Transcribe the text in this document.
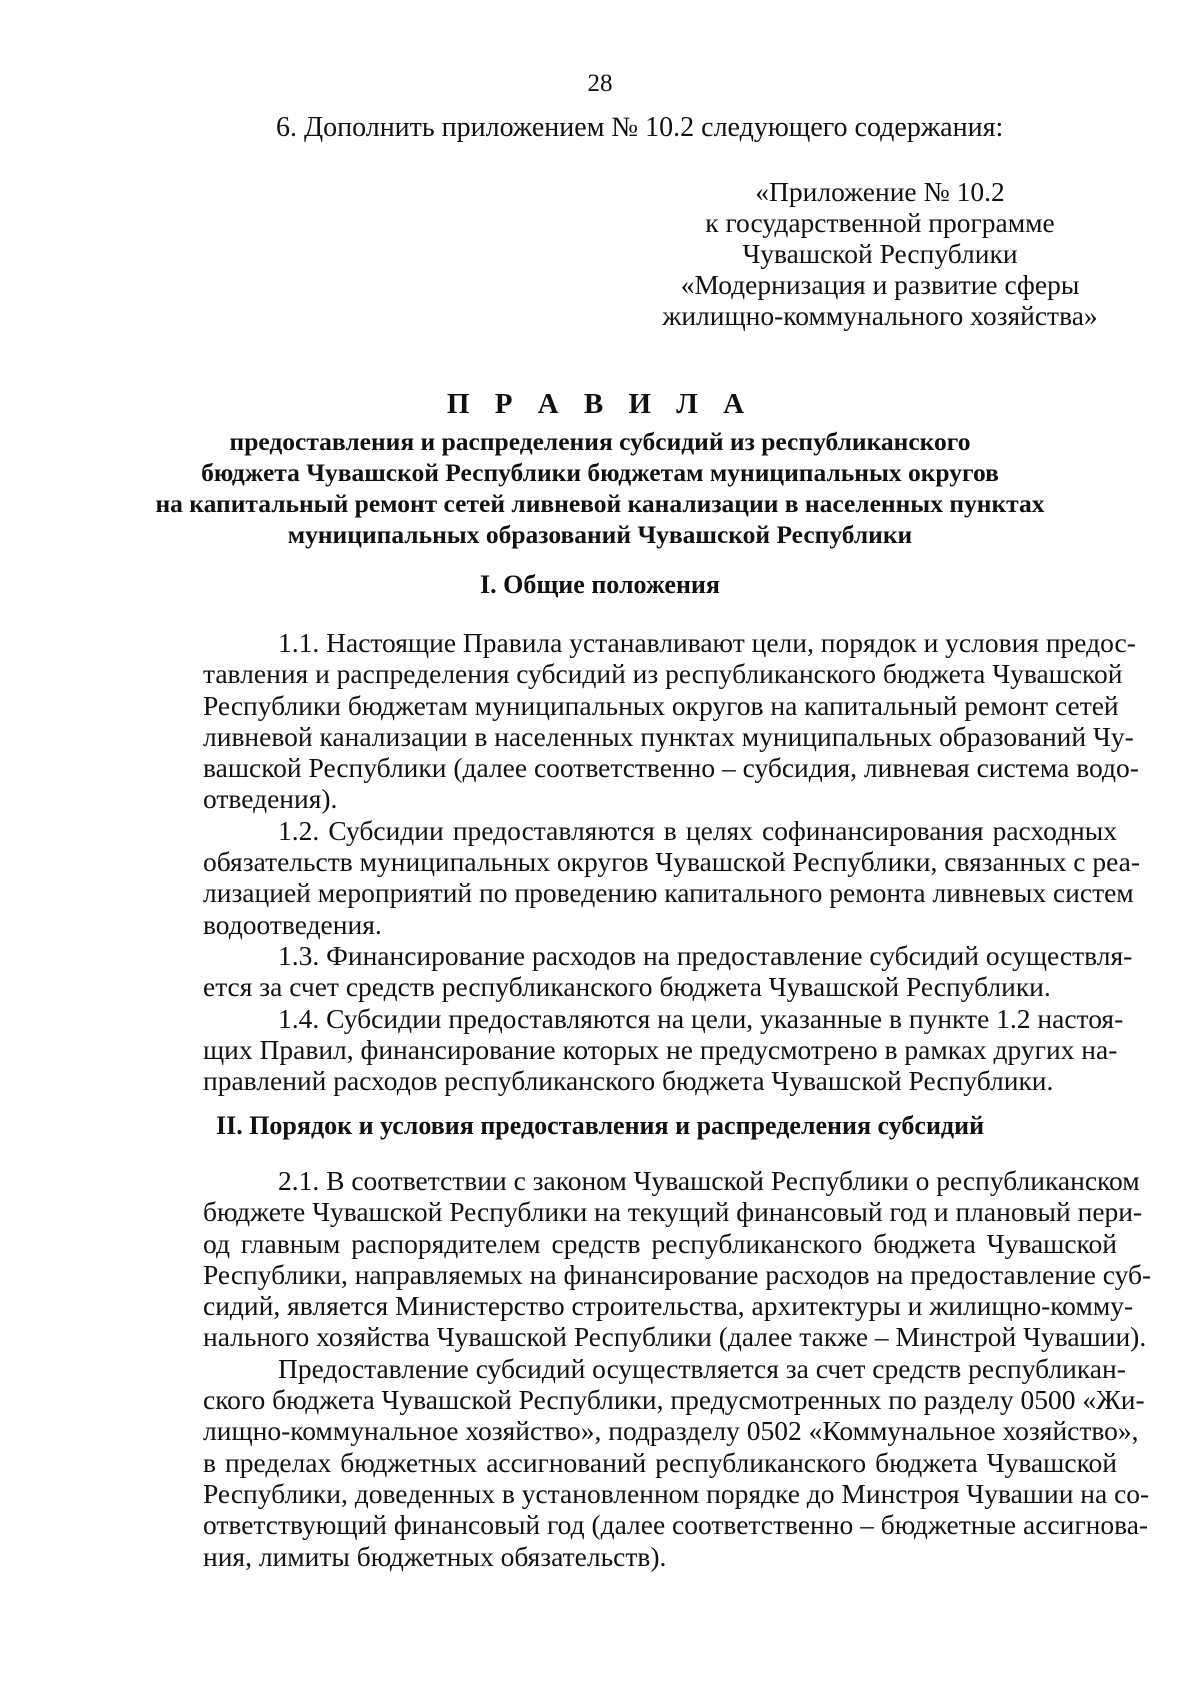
28
6. Дополнить приложением № 10.2 следующего содержания:
«Приложение № 10.2
к государственной программе
Чувашской Республики
«Модернизация и развитие сферы
жилищно-коммунального хозяйства»
П Р А В И Л А
предоставления и распределения субсидий из республиканского
бюджета Чувашской Республики бюджетам муниципальных округов
на капитальный ремонт сетей ливневой канализации в населенных пунктах
муниципальных образований Чувашской Республики
I. Общие положения
1.1. Настоящие Правила устанавливают цели, порядок и условия предос-
тавления и распределения субсидий из республиканского бюджета Чувашской
Республики бюджетам муниципальных округов на капитальный ремонт сетей
ливневой канализации в населенных пунктах муниципальных образований Чу-
вашской Республики (далее соответственно – субсидия, ливневая система водо-
отведения).
1.2. Субсидии предоставляются в целях софинансирования расходных
обязательств муниципальных округов Чувашской Республики, связанных с реа-
лизацией мероприятий по проведению капитального ремонта ливневых систем
водоотведения.
1.3. Финансирование расходов на предоставление субсидий осуществля-
ется за счет средств республиканского бюджета Чувашской Республики.
1.4. Субсидии предоставляются на цели, указанные в пункте 1.2 настоя-
щих Правил, финансирование которых не предусмотрено в рамках других на-
правлений расходов республиканского бюджета Чувашской Республики.
II. Порядок и условия предоставления и распределения субсидий
2.1. В соответствии с законом Чувашской Республики о республиканском
бюджете Чувашской Республики на текущий финансовый год и плановый пери-
од главным распорядителем средств республиканского бюджета Чувашской
Республики, направляемых на финансирование расходов на предоставление суб-
сидий, является Министерство строительства, архитектуры и жилищно-комму-
нального хозяйства Чувашской Республики (далее также – Минстрой Чувашии).
Предоставление субсидий осуществляется за счет средств республикан-
ского бюджета Чувашской Республики, предусмотренных по разделу 0500 «Жи-
лищно-коммунальное хозяйство», подразделу 0502 «Коммунальное хозяйство»,
в пределах бюджетных ассигнований республиканского бюджета Чувашской
Республики, доведенных в установленном порядке до Минстроя Чувашии на со-
ответствующий финансовый год (далее соответственно – бюджетные ассигнова-
ния, лимиты бюджетных обязательств).
